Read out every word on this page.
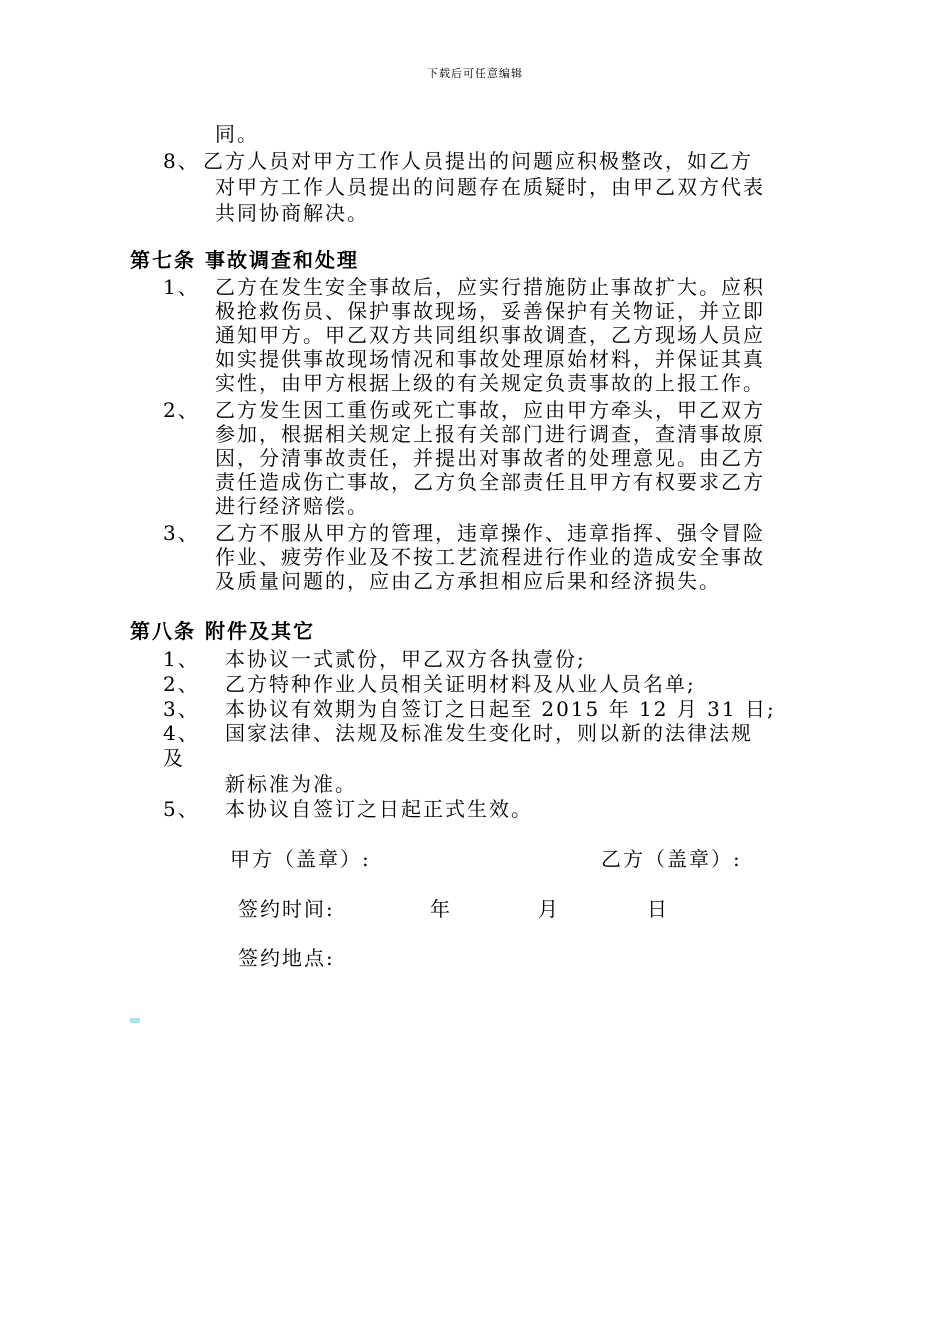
下载后可任意编辑
同。
8、 乙方人员对甲方工作人员提出的问题应积极整改，如乙方
对甲方工作人员提出的问题存在质疑时，由甲乙双方代表
共同协商解决。
第七条 事故调查和处理
1、 乙方在发生安全事故后，应实行措施防止事故扩大。应积
极抢救伤员、保护事故现场，妥善保护有关物证，并立即
通知甲方。甲乙双方共同组织事故调查，乙方现场人员应
如实提供事故现场情况和事故处理原始材料，并保证其真
实性，由甲方根据上级的有关规定负责事故的上报工作。
2、 乙方发生因工重伤或死亡事故，应由甲方牵头，甲乙双方
参加，根据相关规定上报有关部门进行调查，查清事故原
因，分清事故责任，并提出对事故者的处理意见。由乙方
责任造成伤亡事故，乙方负全部责任且甲方有权要求乙方
进行经济赔偿。
3、 乙方不服从甲方的管理，违章操作、违章指挥、强令冒险
作业、疲劳作业及不按工艺流程进行作业的造成安全事故
及质量问题的，应由乙方承担相应后果和经济损失。
第八条 附件及其它
1、 本协议一式贰份，甲乙双方各执壹份;
2、 乙方特种作业人员相关证明材料及从业人员名单;
3、 本协议有效期为自签订之日起至 2015 年 12 月 31 日;
4、 国家法律、法规及标准发生变化时，则以新的法律法规
及
新标准为准。
5、 本协议自签订之日起正式生效。
甲方（盖章）:	乙方（盖章）:
签约时间:	年	月	日
签约地点:
